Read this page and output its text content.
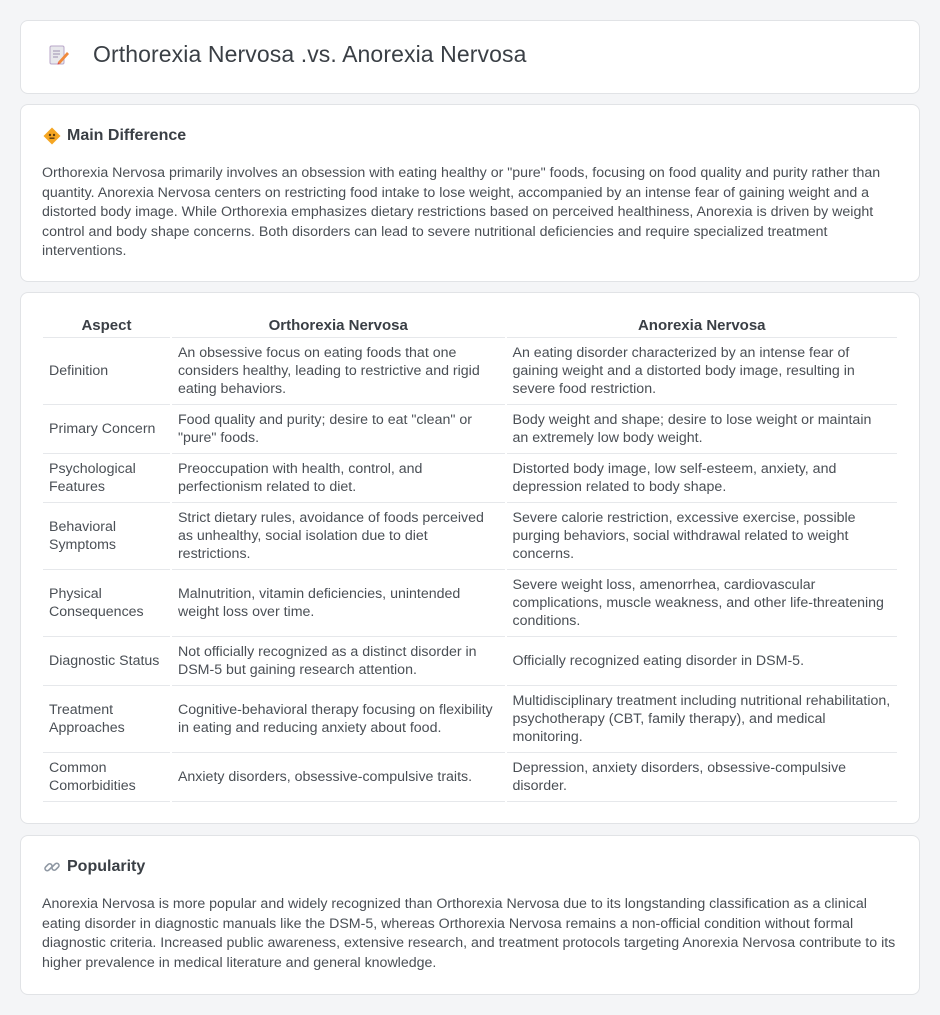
Orthorexia Nervosa .vs. Anorexia Nervosa
Main Difference

Orthorexia Nervosa primarily involves an obsession with eating healthy or "pure" foods, focusing on food quality and purity rather than quantity. Anorexia Nervosa centers on restricting food intake to lose weight, accompanied by an intense fear of gaining weight and a distorted body image. While Orthorexia emphasizes dietary restrictions based on perceived healthiness, Anorexia is driven by weight control and body shape concerns. Both disorders can lead to severe nutritional deficiencies and require specialized treatment interventions.

Aspect	Orthorexia Nervosa	Anorexia Nervosa
Definition	An obsessive focus on eating foods that one considers healthy, leading to restrictive and rigid eating behaviors.	An eating disorder characterized by an intense fear of gaining weight and a distorted body image, resulting in severe food restriction.
Primary Concern	Food quality and purity; desire to eat "clean" or "pure" foods.	Body weight and shape; desire to lose weight or maintain an extremely low body weight.
Psychological Features	Preoccupation with health, control, and perfectionism related to diet.	Distorted body image, low self-esteem, anxiety, and depression related to body shape.
Behavioral Symptoms	Strict dietary rules, avoidance of foods perceived as unhealthy, social isolation due to diet restrictions.	Severe calorie restriction, excessive exercise, possible purging behaviors, social withdrawal related to weight concerns.
Physical Consequences	Malnutrition, vitamin deficiencies, unintended weight loss over time.	Severe weight loss, amenorrhea, cardiovascular complications, muscle weakness, and other life-threatening conditions.
Diagnostic Status	Not officially recognized as a distinct disorder in DSM-5 but gaining research attention.	Officially recognized eating disorder in DSM-5.
Treatment Approaches	Cognitive-behavioral therapy focusing on flexibility in eating and reducing anxiety about food.	Multidisciplinary treatment including nutritional rehabilitation, psychotherapy (CBT, family therapy), and medical monitoring.
Common Comorbidities	Anxiety disorders, obsessive-compulsive traits.	Depression, anxiety disorders, obsessive-compulsive disorder.
Popularity

Anorexia Nervosa is more popular and widely recognized than Orthorexia Nervosa due to its longstanding classification as a clinical eating disorder in diagnostic manuals like the DSM-5, whereas Orthorexia Nervosa remains a non-official condition without formal diagnostic criteria. Increased public awareness, extensive research, and treatment protocols targeting Anorexia Nervosa contribute to its higher prevalence in medical literature and general knowledge.
